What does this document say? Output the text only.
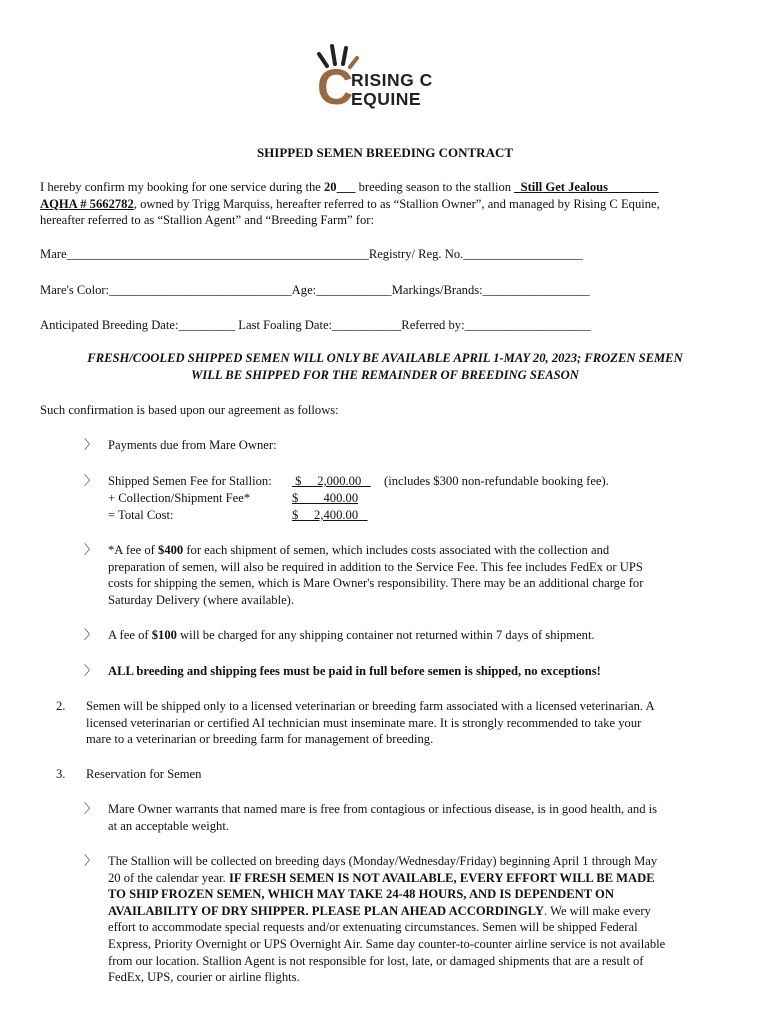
C
RISING C
EQUINE
SHIPPED SEMEN BREEDING CONTRACT
I hereby confirm my booking for one service during the 20___ breeding season to the stallion _Still Get Jealous________
AQHA # 5662782, owned by Trigg Marquiss, hereafter referred to as “Stallion Owner”, and managed by Rising C Equine,
hereafter referred to as “Stallion Agent” and “Breeding Farm” for:
Mare________________________________________________Registry/ Reg. No.___________________
Mare's Color:_____________________________Age:____________Markings/Brands:_________________
Anticipated Breeding Date:_________ Last Foaling Date:___________Referred by:____________________
FRESH/COOLED SHIPPED SEMEN WILL ONLY BE AVAILABLE APRIL 1-MAY 20, 2023; FROZEN SEMEN
WILL BE SHIPPED FOR THE REMAINDER OF BREEDING SEASON
Such confirmation is based upon our agreement as follows:
〉 Payments due from Mare Owner:
〉 Shipped Semen Fee for Stallion: $     2,000.00 (includes $300 non-refundable booking fee).
+ Collection/Shipment Fee*	$        400.00
= Total Cost:	$     2,400.00
〉 *A fee of $400 for each shipment of semen, which includes costs associated with the collection and
preparation of semen, will also be required in addition to the Service Fee. This fee includes FedEx or UPS
costs for shipping the semen, which is Mare Owner's responsibility. There may be an additional charge for
Saturday Delivery (where available).
〉 A fee of $100 will be charged for any shipping container not returned within 7 days of shipment.
〉 ALL breeding and shipping fees must be paid in full before semen is shipped, no exceptions!
2. Semen will be shipped only to a licensed veterinarian or breeding farm associated with a licensed veterinarian. A
licensed veterinarian or certified AI technician must inseminate mare. It is strongly recommended to take your
mare to a veterinarian or breeding farm for management of breeding.
3. Reservation for Semen
〉 Mare Owner warrants that named mare is free from contagious or infectious disease, is in good health, and is
at an acceptable weight.
〉 The Stallion will be collected on breeding days (Monday/Wednesday/Friday) beginning April 1 through May
20 of the calendar year. IF FRESH SEMEN IS NOT AVAILABLE, EVERY EFFORT WILL BE MADE
TO SHIP FROZEN SEMEN, WHICH MAY TAKE 24-48 HOURS, AND IS DEPENDENT ON
AVAILABILITY OF DRY SHIPPER. PLEASE PLAN AHEAD ACCORDINGLY. We will make every
effort to accommodate special requests and/or extenuating circumstances. Semen will be shipped Federal
Express, Priority Overnight or UPS Overnight Air. Same day counter-to-counter airline service is not available
from our location. Stallion Agent is not responsible for lost, late, or damaged shipments that are a result of
FedEx, UPS, courier or airline flights.
